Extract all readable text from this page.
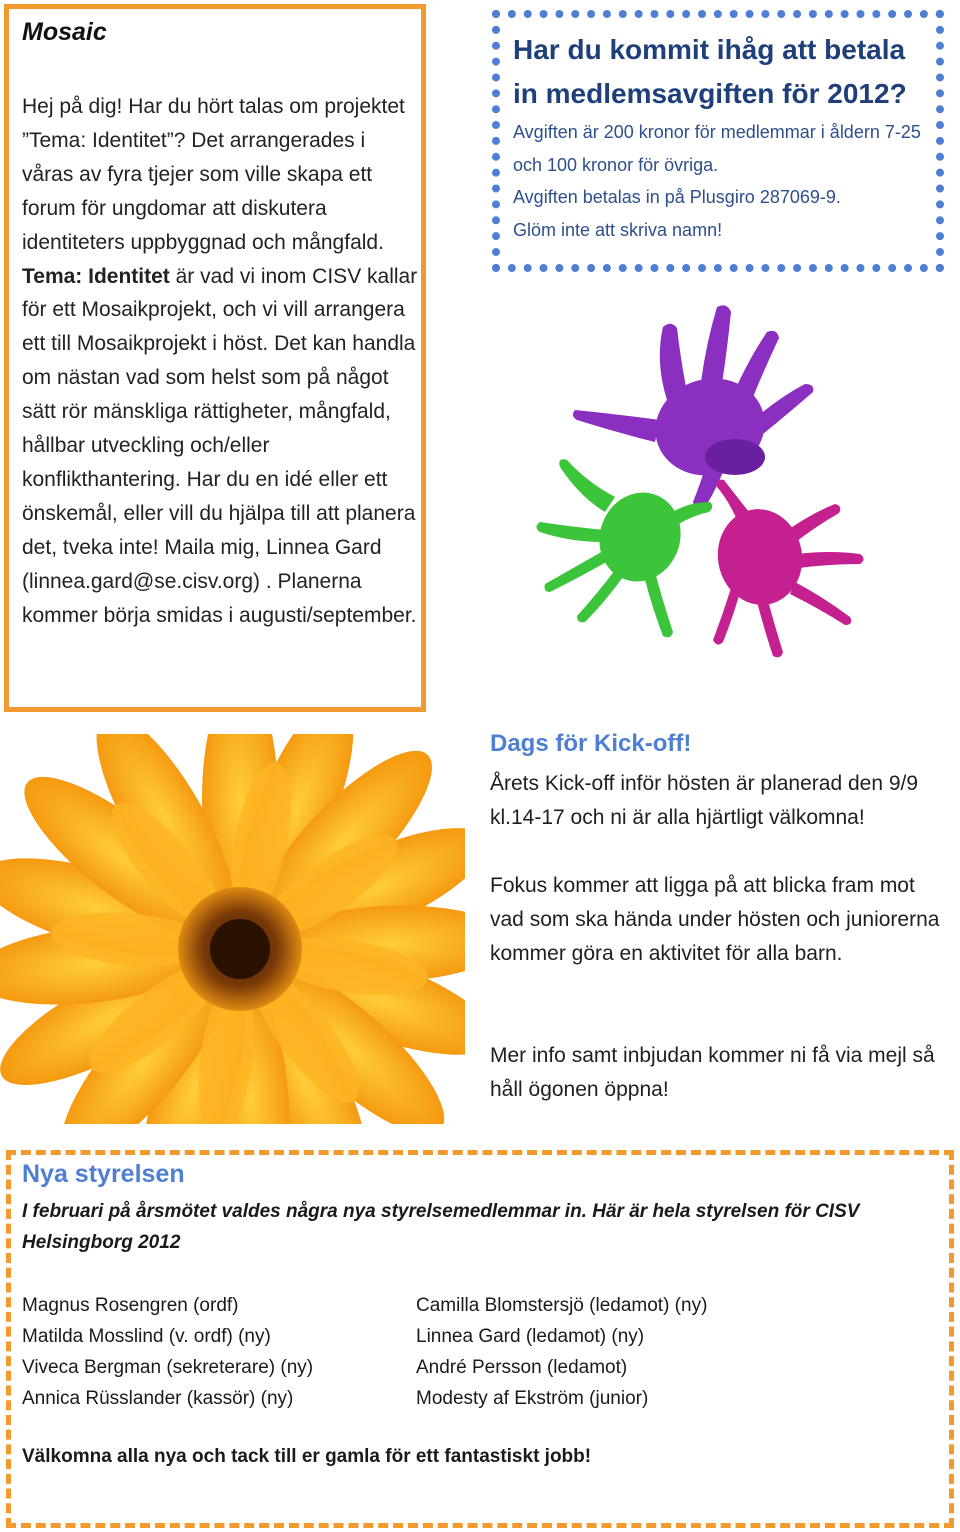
Mosaic
Hej på dig! Har du hört talas om projektet ”Tema: Identitet”? Det arrangerades i våras av fyra tjejer som ville skapa ett forum för ungdomar att diskutera identiteters uppbyggnad och mångfald. Tema: Identitet är vad vi inom CISV kallar för ett Mosaikprojekt, och vi vill arrangera ett till Mosaikprojekt i höst. Det kan handla om nästan vad som helst som på något sätt rör mänskliga rättigheter, mångfald, hållbar utveckling och/eller konflikthantering. Har du en idé eller ett önskemål, eller vill du hjälpa till att planera det, tveka inte! Maila mig, Linnea Gard (linnea.gard@se.cisv.org) . Planerna kommer börja smidas i augusti/september.
Har du kommit ihåg att betala in medlemsavgiften för 2012?
Avgiften är 200 kronor för medlemmar i åldern 7-25 och 100 kronor för övriga.
Avgiften betalas in på Plusgiro 287069-9.
Glöm inte att skriva namn!
Dags för Kick-off!
Årets Kick-off inför hösten är planerad den 9/9 kl.14-17 och ni är alla hjärtligt välkomna!
Fokus kommer att ligga på att blicka fram mot vad som ska hända under hösten och juniorerna kommer göra en aktivitet för alla barn.
Mer info samt inbjudan kommer ni få via mejl så håll ögonen öppna!
Nya styrelsen
I februari på årsmötet valdes några nya styrelsemedlemmar in. Här är hela styrelsen för CISV Helsingborg 2012
Magnus Rosengren (ordf)
Matilda Mosslind (v. ordf) (ny)
Viveca Bergman (sekreterare) (ny)
Annica Rüsslander (kassör) (ny)
Camilla Blomstersjö (ledamot) (ny)
Linnea Gard (ledamot) (ny)
André Persson (ledamot)
Modesty af Ekström (junior)
Välkomna alla nya och tack till er gamla för ett fantastiskt jobb!
